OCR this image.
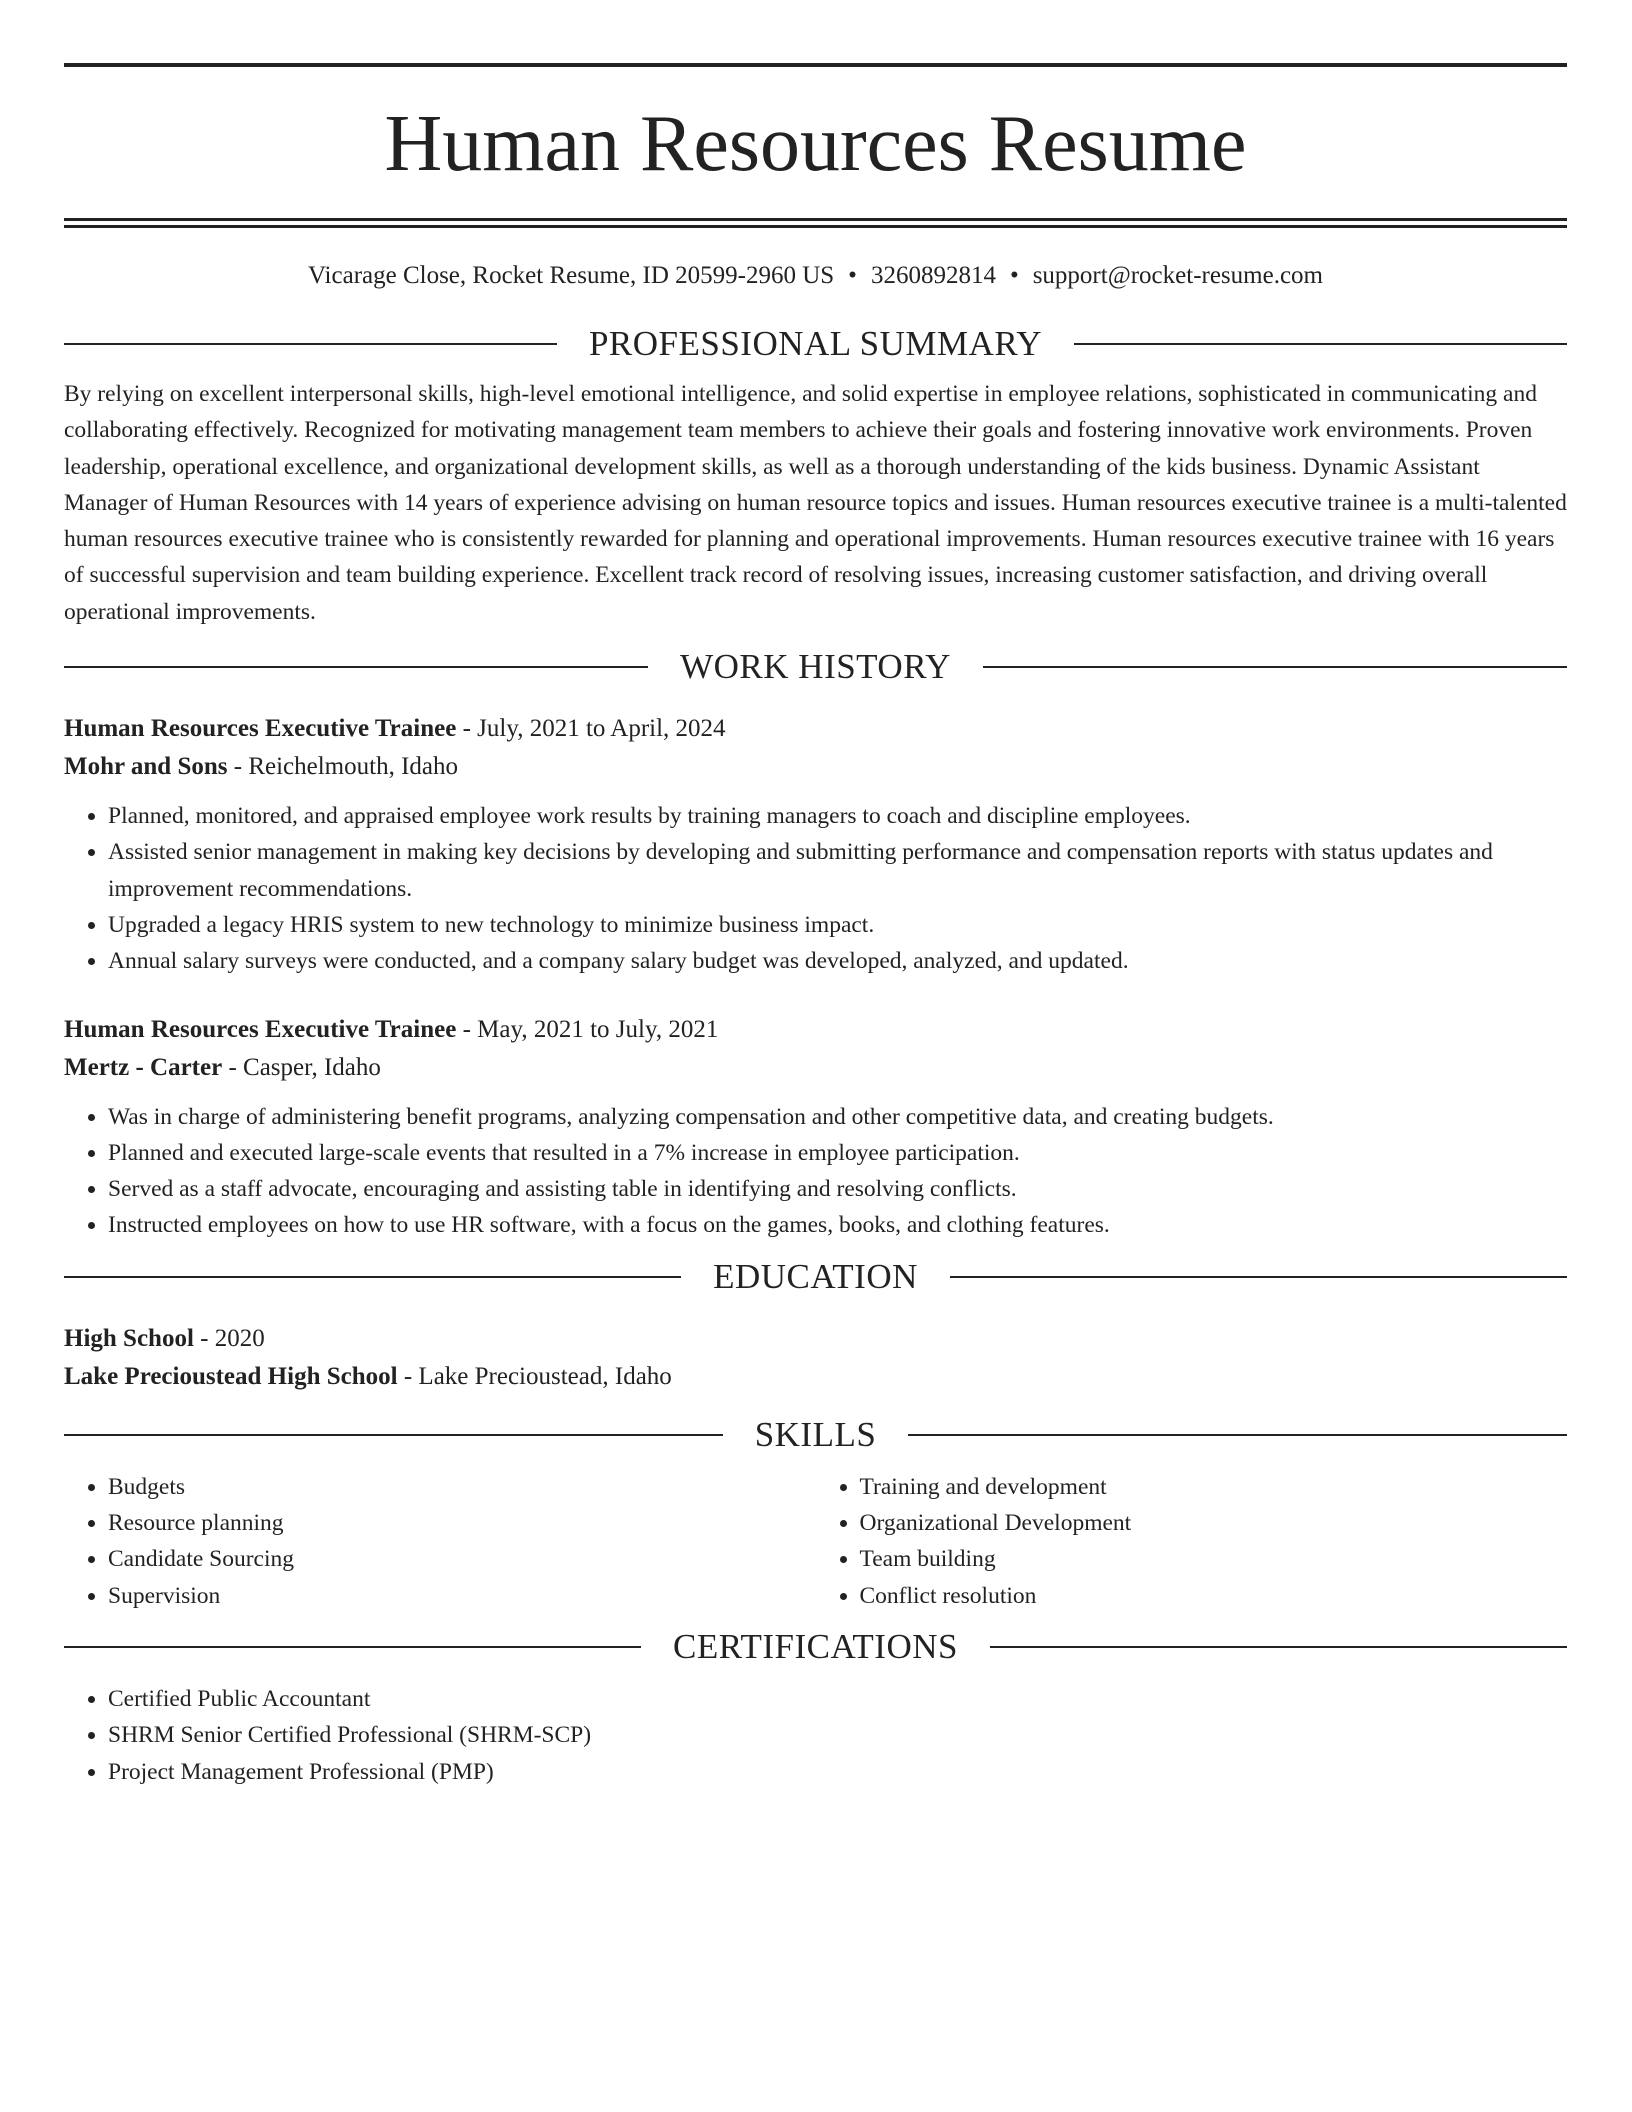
Human Resources Resume
Vicarage Close, Rocket Resume, ID 20599-2960 US • 3260892814 • support@rocket-resume.com
PROFESSIONAL SUMMARY

By relying on excellent interpersonal skills, high-level emotional intelligence, and solid expertise in employee relations, sophisticated in communicating and collaborating effectively. Recognized for motivating management team members to achieve their goals and fostering innovative work environments. Proven leadership, operational excellence, and organizational development skills, as well as a thorough understanding of the kids business. Dynamic Assistant Manager of Human Resources with 14 years of experience advising on human resource topics and issues. Human resources executive trainee is a multi-talented human resources executive trainee who is consistently rewarded for planning and operational improvements. Human resources executive trainee with 16 years of successful supervision and team building experience. Excellent track record of resolving issues, increasing customer satisfaction, and driving overall operational improvements.

WORK HISTORY
Human Resources Executive Trainee - July, 2021 to April, 2024
Mohr and Sons - Reichelmouth, Idaho
• Planned, monitored, and appraised employee work results by training managers to coach and discipline employees.
• Assisted senior management in making key decisions by developing and submitting performance and compensation reports with status updates and improvement recommendations.
• Upgraded a legacy HRIS system to new technology to minimize business impact.
• Annual salary surveys were conducted, and a company salary budget was developed, analyzed, and updated.
Human Resources Executive Trainee - May, 2021 to July, 2021
Mertz - Carter - Casper, Idaho
• Was in charge of administering benefit programs, analyzing compensation and other competitive data, and creating budgets.
• Planned and executed large-scale events that resulted in a 7% increase in employee participation.
• Served as a staff advocate, encouraging and assisting table in identifying and resolving conflicts.
• Instructed employees on how to use HR software, with a focus on the games, books, and clothing features.
EDUCATION
High School - 2020
Lake Precioustead High School - Lake Precioustead, Idaho
SKILLS
• Budgets
• Resource planning
• Candidate Sourcing
• Supervision
• Training and development
• Organizational Development
• Team building
• Conflict resolution
CERTIFICATIONS
• Certified Public Accountant
• SHRM Senior Certified Professional (SHRM-SCP)
• Project Management Professional (PMP)
